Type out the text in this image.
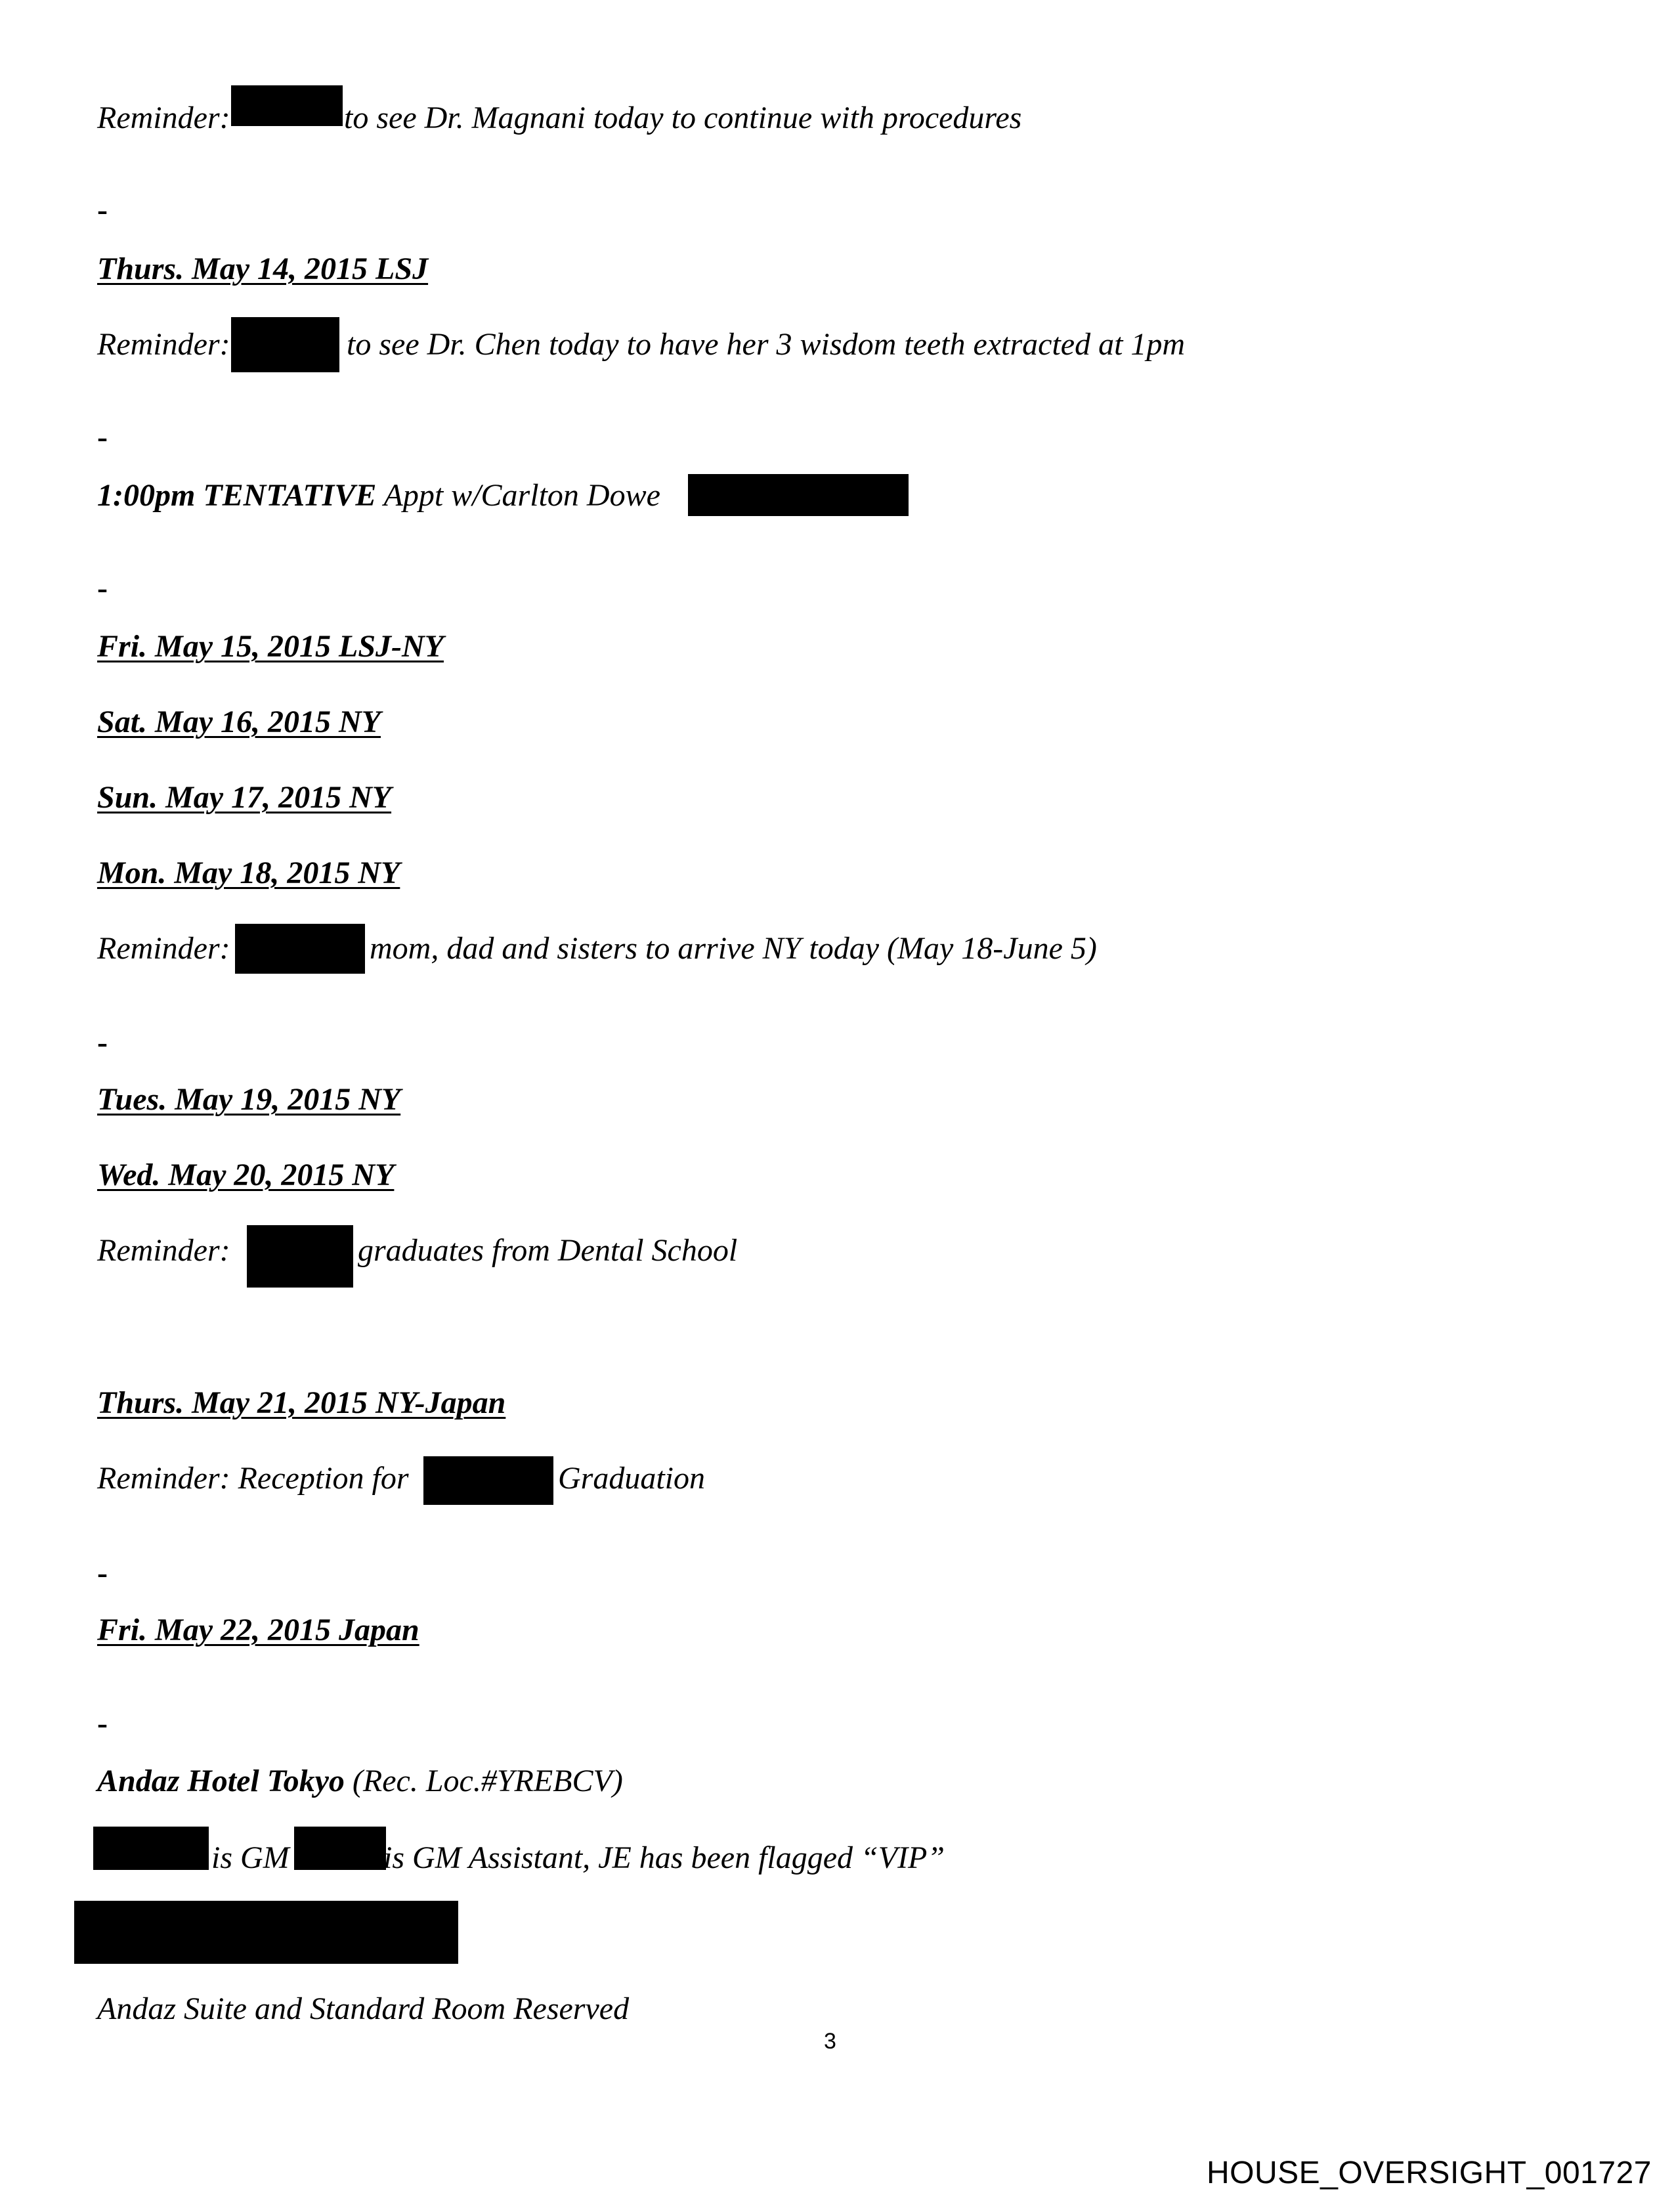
Reminder:	to see Dr. Magnani today to continue with procedures
-
Thurs. May 14, 2015 LSJ
Reminder:	to see Dr. Chen today to have her 3 wisdom teeth extracted at 1pm
-
1:00pm TENTATIVE Appt w/Carlton Dowe
-
Fri. May 15, 2015 LSJ-NY
Sat. May 16, 2015 NY
Sun. May 17, 2015 NY
Mon. May 18, 2015 NY
Reminder:	mom, dad and sisters to arrive NY today (May 18-June 5)
-
Tues. May 19, 2015 NY
Wed. May 20, 2015 NY
Reminder:	graduates from Dental School
Thurs. May 21, 2015 NY-Japan
Reminder: Reception for	Graduation
-
Fri. May 22, 2015 Japan
-
Andaz Hotel Tokyo (Rec. Loc.#YREBCV)
is GM	is GM Assistant, JE has been flagged “VIP”
Andaz Suite and Standard Room Reserved
3
HOUSE_OVERSIGHT_001727
